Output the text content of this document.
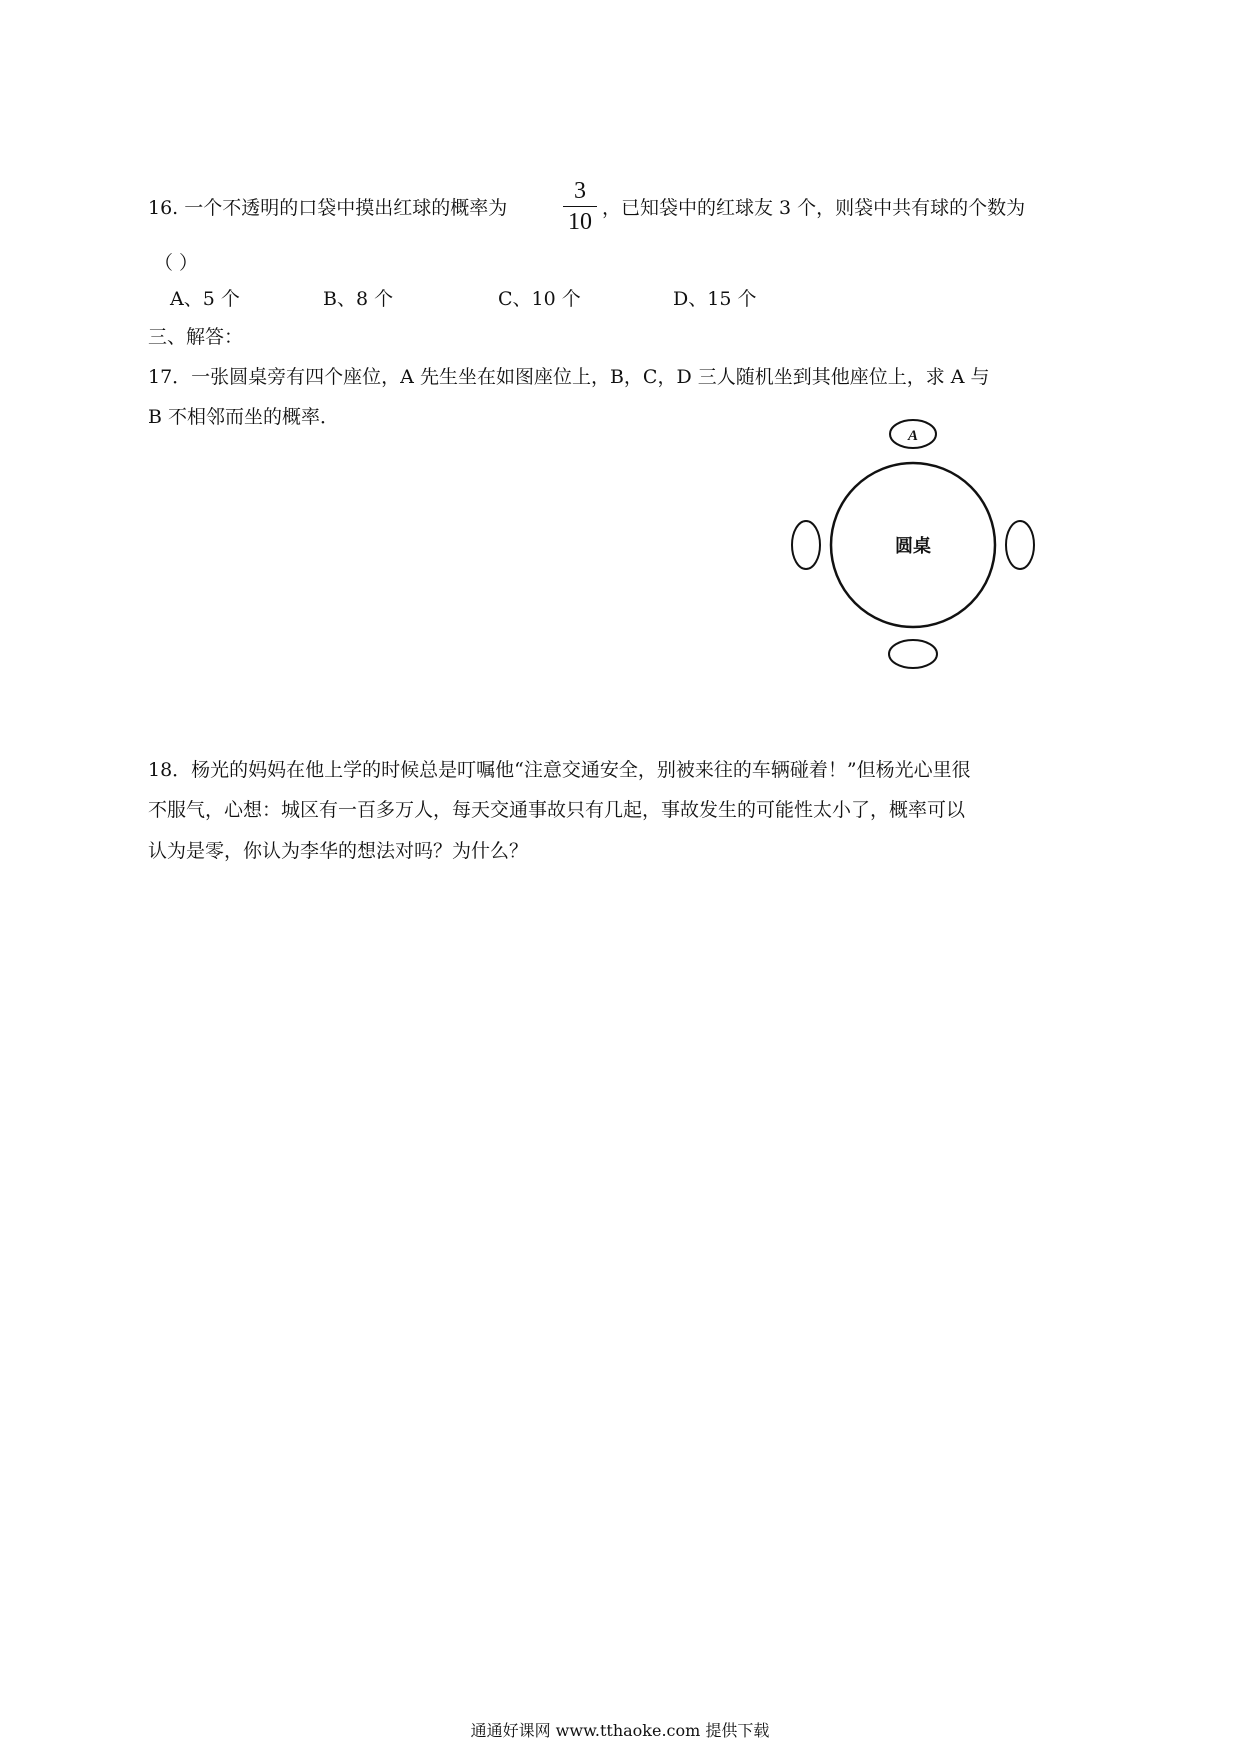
16. 一个不透明的口袋中摸出红球的概率为
3
10
，已知袋中的红球友 3 个，则袋中共有球的个数为
（ ）
A、5 个	B、8 个	C、10 个	D、15 个
三、解答：
17．一张圆桌旁有四个座位，A 先生坐在如图座位上，B，C，D 三人随机坐到其他座位上，求 A 与
B 不相邻而坐的概率．
A
圆桌
18．杨光的妈妈在他上学的时候总是叮嘱他“注意交通安全，别被来往的车辆碰着！”但杨光心里很
不服气，心想：城区有一百多万人，每天交通事故只有几起，事故发生的可能性太小了，概率可以
认为是零，你认为李华的想法对吗？为什么？
通通好课网 www.tthaoke.com 提供下载
